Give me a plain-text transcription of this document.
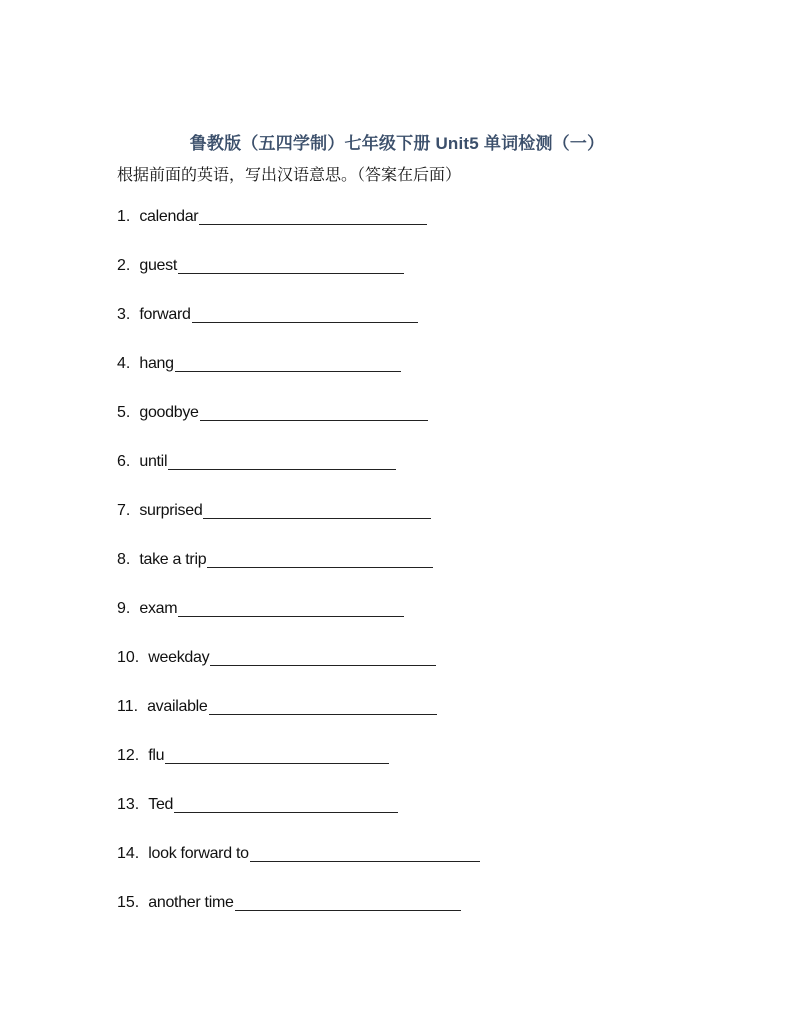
鲁教版（五四学制）七年级下册 Unit5 单词检测（一）
根据前面的英语，写出汉语意思。（答案在后面）
1. calendar
2. guest
3. forward
4. hang
5. goodbye
6. until
7. surprised
8. take a trip
9. exam
10. weekday
11. available
12. flu
13. Ted
14. look forward to
15. another time
